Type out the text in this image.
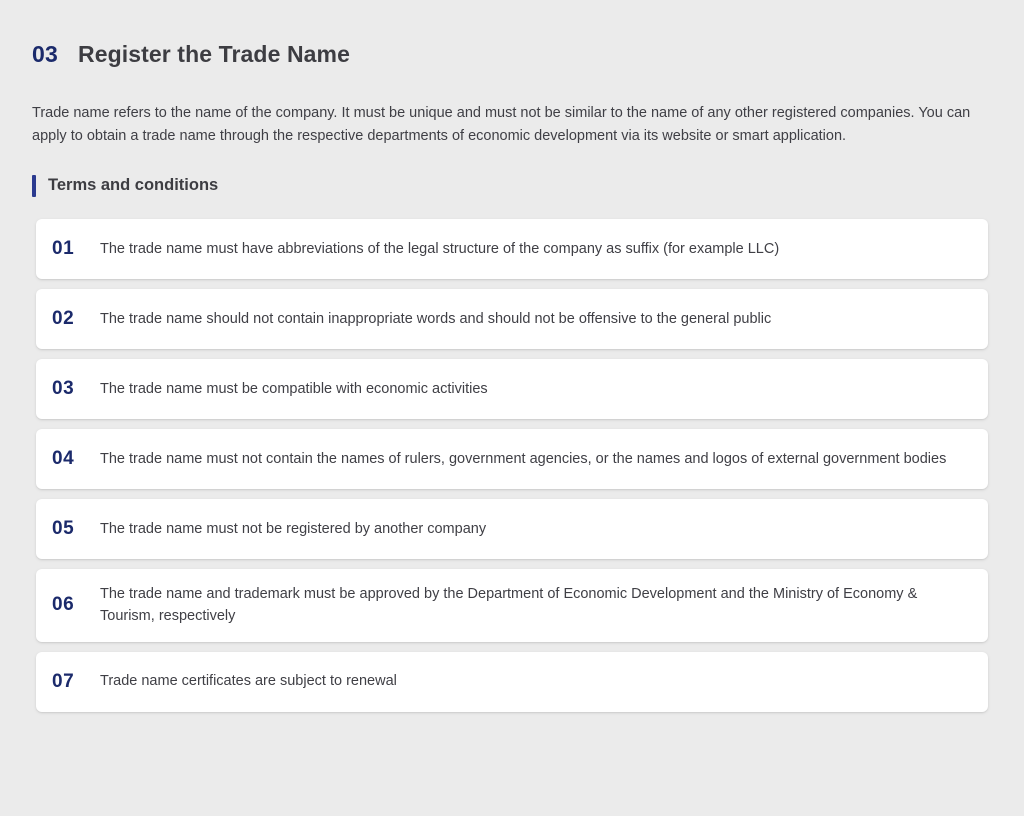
03 Register the Trade Name

Trade name refers to the name of the company. It must be unique and must not be similar to the name of any other registered companies. You can apply to obtain a trade name through the respective departments of economic development via its website or smart application.

Terms and conditions
01	The trade name must have abbreviations of the legal structure of the company as suffix (for example LLC)
02	The trade name should not contain inappropriate words and should not be offensive to the general public
03	The trade name must be compatible with economic activities
04	The trade name must not contain the names of rulers, government agencies, or the names and logos of external government bodies
05	The trade name must not be registered by another company
06
The trade name and trademark must be approved by the Department of Economic Development and the Ministry of Economy & Tourism, respectively
07	Trade name certificates are subject to renewal
